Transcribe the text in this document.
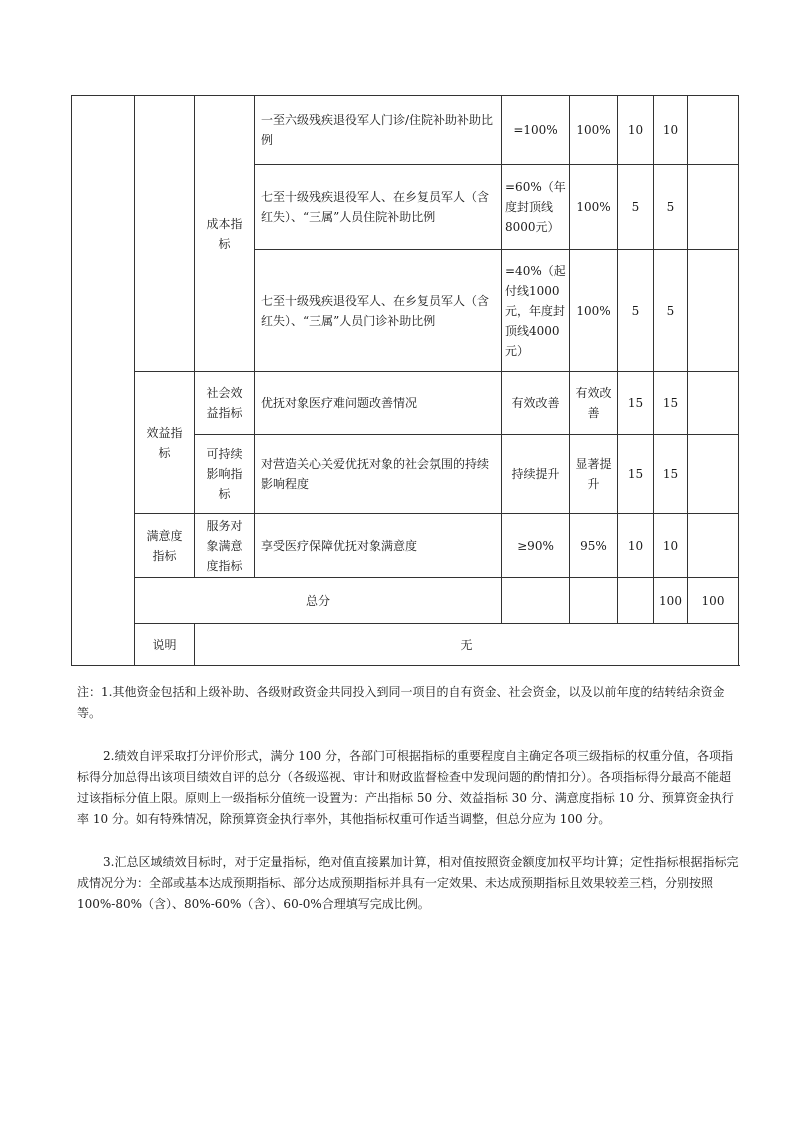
		成本指标	一至六级残疾退役军人门诊/住院补助补助比例	=100%	100%	10	10		
			七至十级残疾退役军人、在乡复员军人（含红失）、“三属”人员住院补助比例	=60%（年度封顶线 8000元）	100%	5	5		
			七至十级残疾退役军人、在乡复员军人（含红失）、“三属”人员门诊补助比例	=40%（起付线1000元，年度封顶线4000元）	100%	5	5		
	效益指标	社会效益指标	优抚对象医疗难问题改善情况	有效改善	有效改善	15	15		
		可持续影响指标	对营造关心关爱优抚对象的社会氛围的持续影响程度	持续提升	显著提升	15	15		
	满意度指标	服务对象满意度指标	享受医疗保障优抚对象满意度	≥90%	95%	10	10		
	总分						100	100	
	说明	无							

注：1.其他资金包括和上级补助、各级财政资金共同投入到同一项目的自有资金、社会资金，以及以前年度的结转结余资金等。

2.绩效自评采取打分评价形式，满分 100 分，各部门可根据指标的重要程度自主确定各项三级指标的权重分值，各项指标得分加总得出该项目绩效自评的总分（各级巡视、审计和财政监督检查中发现问题的酌情扣分）。各项指标得分最高不能超过该指标分值上限。原则上一级指标分值统一设置为：产出指标 50 分、效益指标 30 分、满意度指标 10 分、预算资金执行率 10 分。如有特殊情况，除预算资金执行率外，其他指标权重可作适当调整，但总分应为 100 分。

3.汇总区域绩效目标时，对于定量指标，绝对值直接累加计算，相对值按照资金额度加权平均计算；定性指标根据指标完成情况分为：全部或基本达成预期指标、部分达成预期指标并具有一定效果、未达成预期指标且效果较差三档，分别按照 100%-80%（含）、80%-60%（含）、60-0%合理填写完成比例。
